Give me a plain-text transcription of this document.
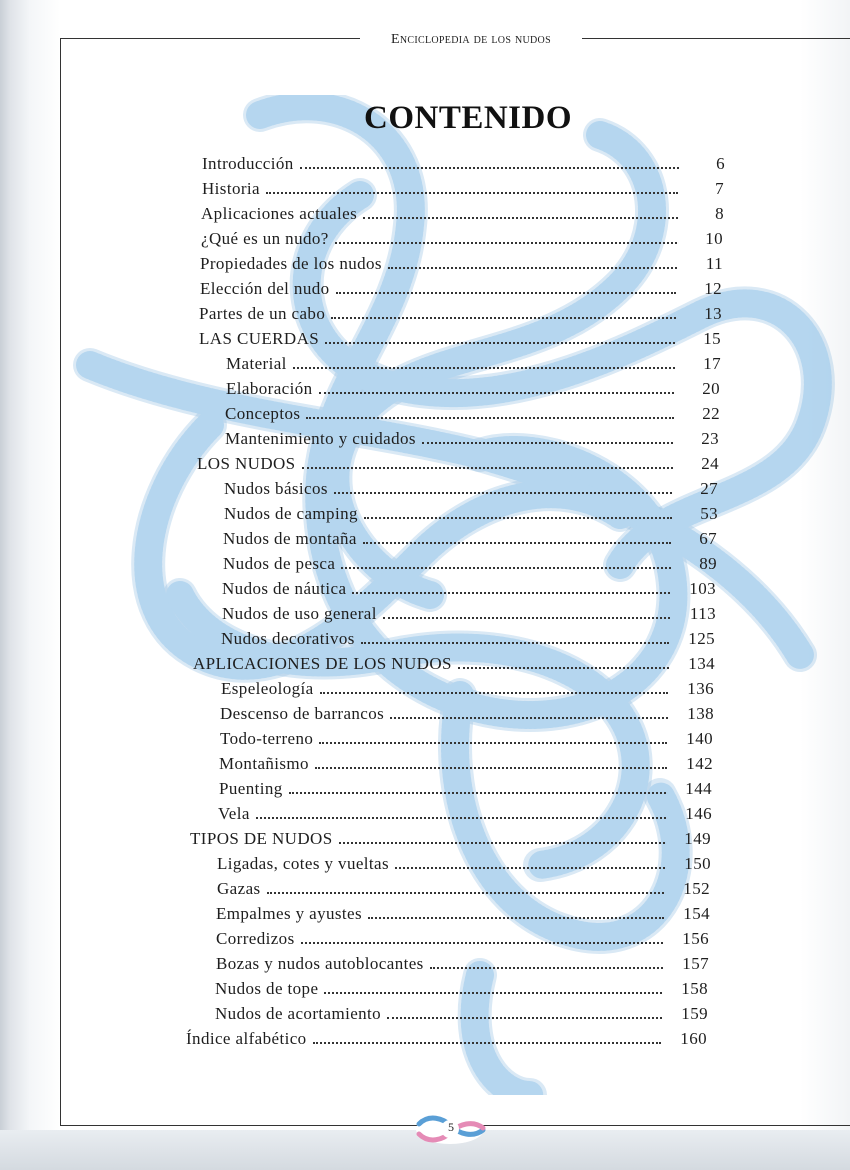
Enciclopedia de los nudos
CONTENIDO
Introducción	6
Historia	7
Aplicaciones actuales	8
¿Qué es un nudo?	10
Propiedades de los nudos	11
Elección del nudo	12
Partes de un cabo	13
LAS CUERDAS	15
Material	17
Elaboración	20
Conceptos	22
Mantenimiento y cuidados	23
LOS NUDOS	24
Nudos básicos	27
Nudos de camping	53
Nudos de montaña	67
Nudos de pesca	89
Nudos de náutica	103
Nudos de uso general	113
Nudos decorativos	125
APLICACIONES DE LOS NUDOS	134
Espeleología	136
Descenso de barrancos	138
Todo-terreno	140
Montañismo	142
Puenting	144
Vela	146
TIPOS DE NUDOS	149
Ligadas, cotes y vueltas	150
Gazas	152
Empalmes y ayustes	154
Corredizos	156
Bozas y nudos autoblocantes	157
Nudos de tope	158
Nudos de acortamiento	159
Índice alfabético	160
5
